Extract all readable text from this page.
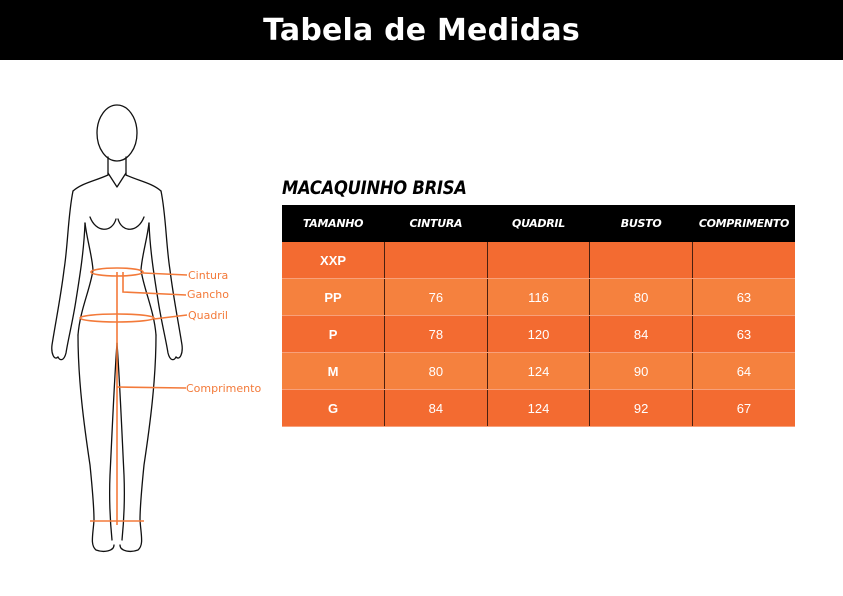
Tabela de Medidas
Cintura
Gancho
Quadril
Comprimento
MACAQUINHO BRISA
TAMANHO	CINTURA	QUADRIL	BUSTO	COMPRIMENTO
XXP				
PP	76	116	80	63
P	78	120	84	63
M	80	124	90	64
G	84	124	92	67
